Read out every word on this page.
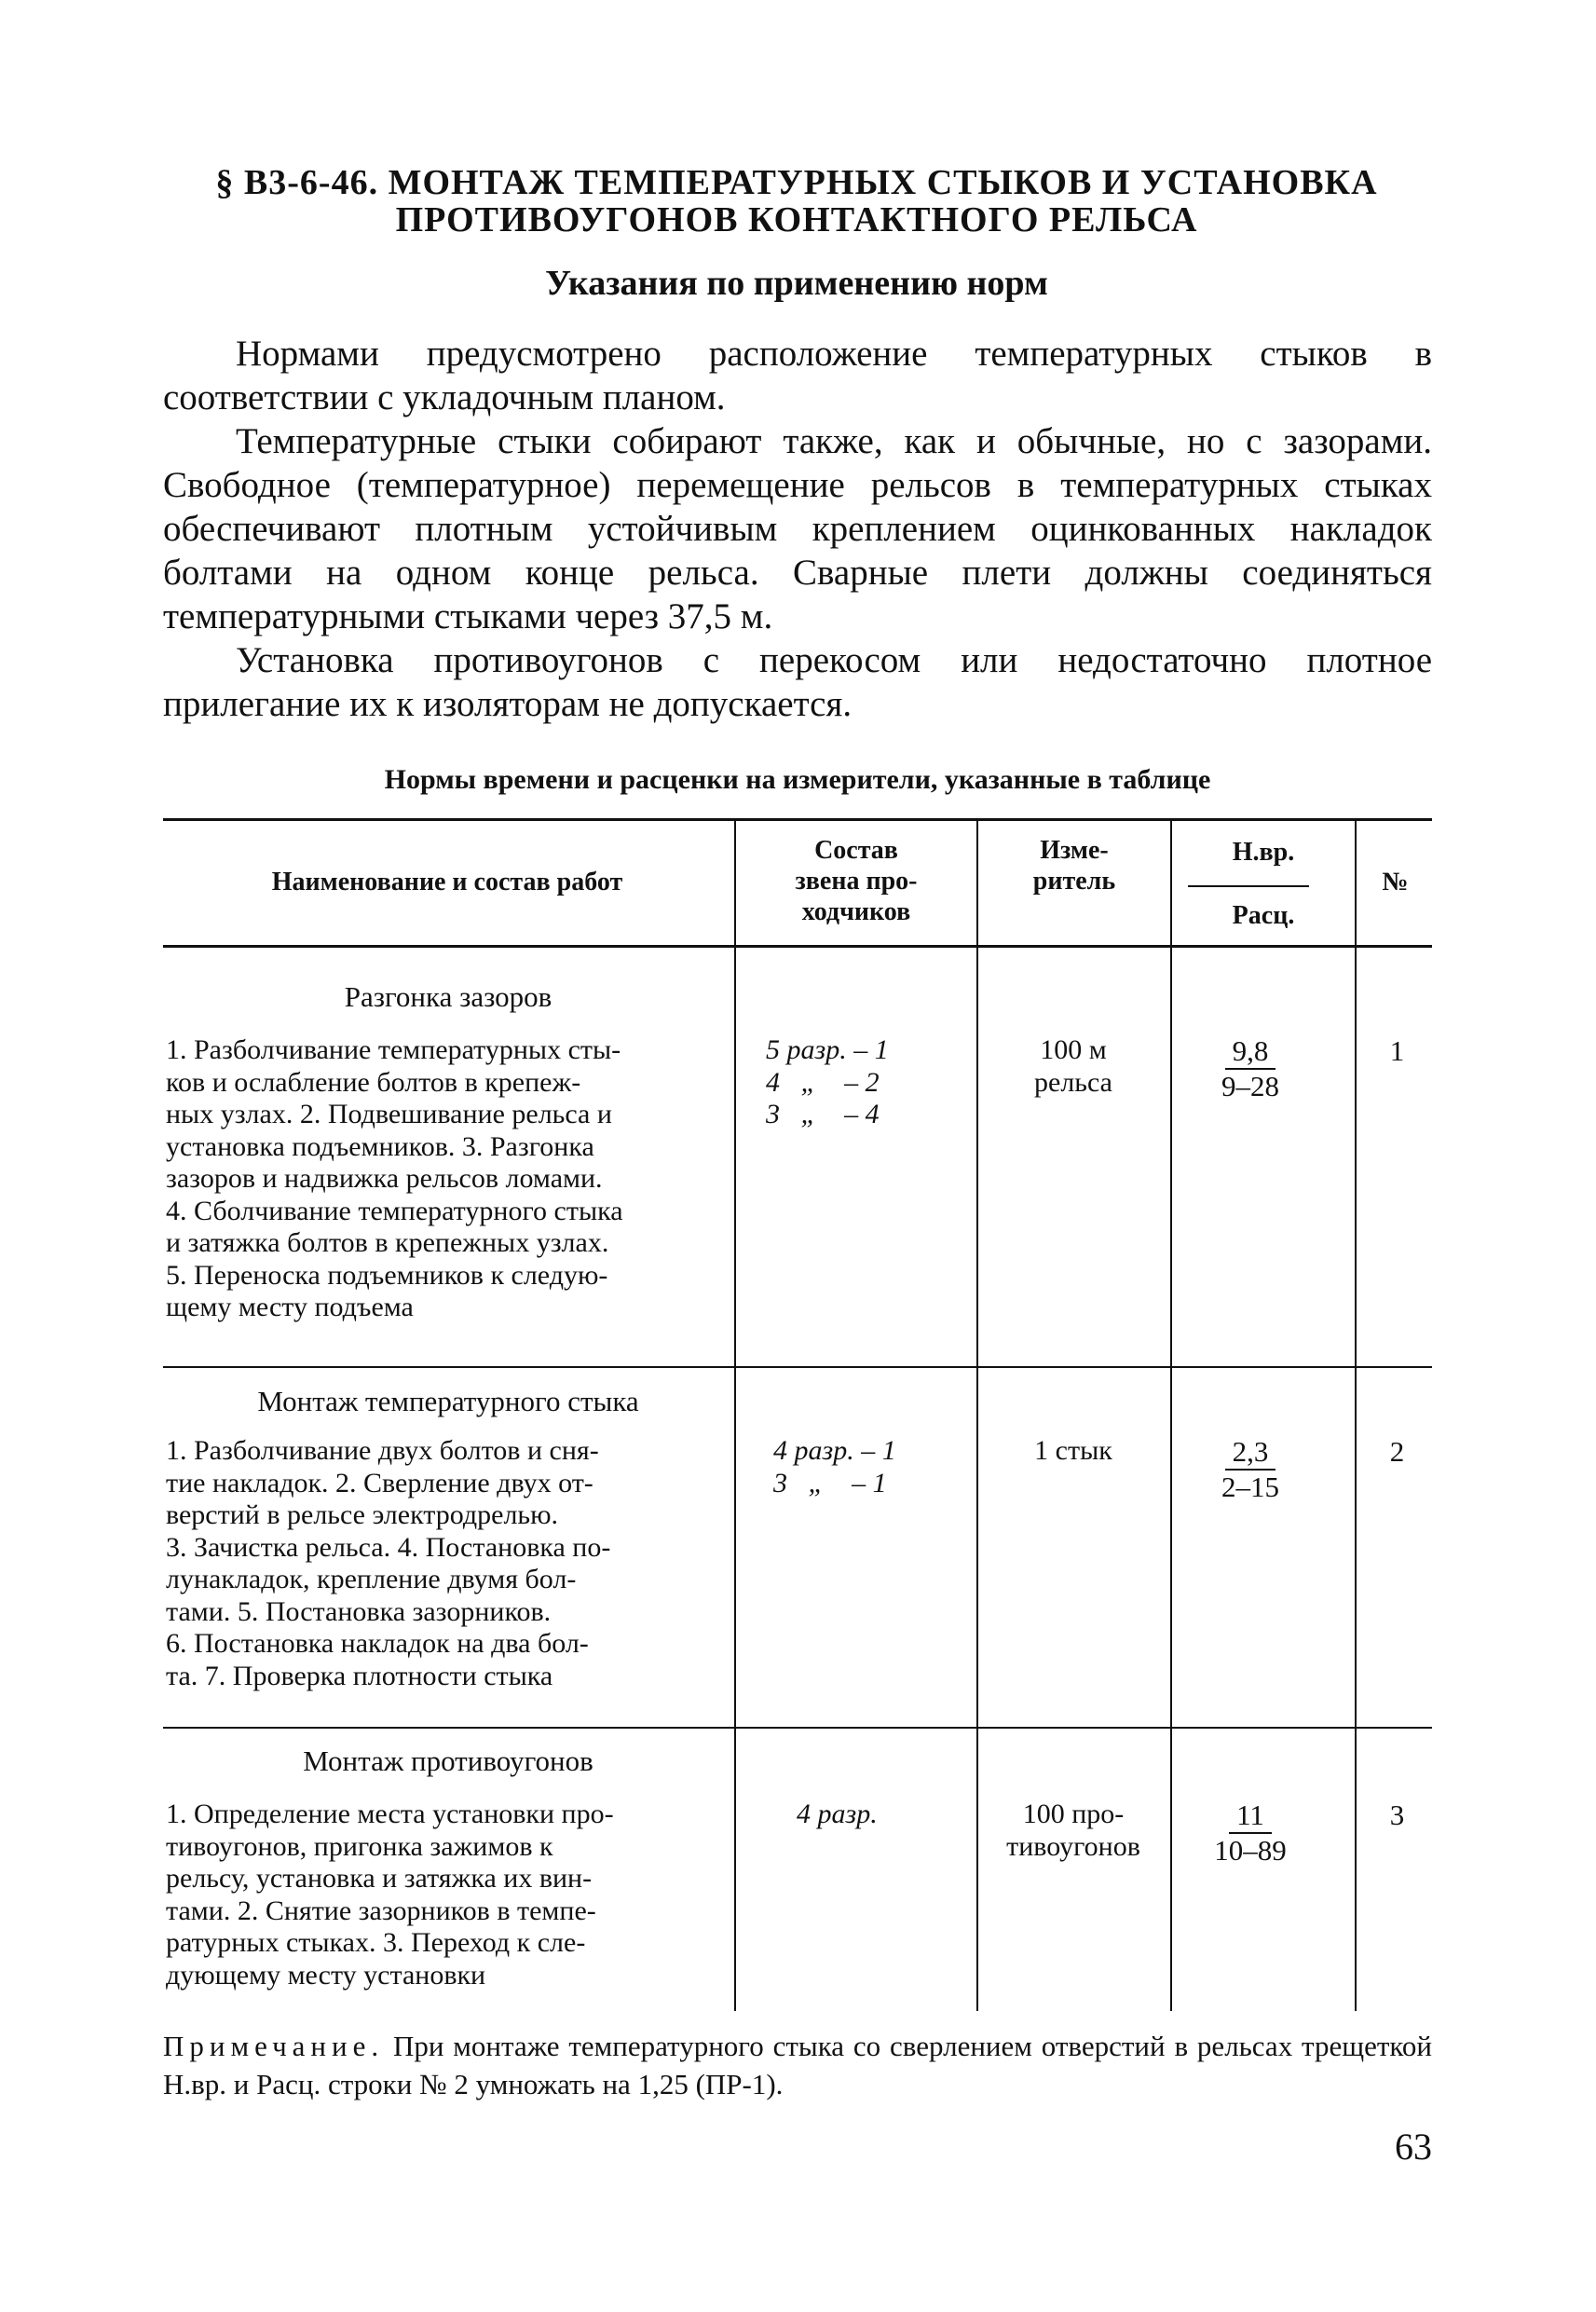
§ В3-6-46. МОНТАЖ ТЕМПЕРАТУРНЫХ СТЫКОВ И УСТАНОВКА
ПРОТИВОУГОНОВ КОНТАКТНОГО РЕЛЬСА
Указания по применению норм

Нормами предусмотрено расположение температурных стыков в соответствии с укладочным планом.

Температурные стыки собирают также, как и обычные, но с зазорами. Свободное (температурное) перемещение рельсов в температурных стыках обеспечивают плотным устойчивым креплением оцинкованных накладок болтами на одном конце рельса. Сварные плети должны соединяться температурными стыками через 37,5 м.

Установка противоугонов с перекосом или недостаточно плотное прилегание их к изоляторам не допускается.

Нормы времени и расценки на измерители, указанные в таблице
Наименование и состав работ
Состав
звена про-
ходчиков
Изме-
ритель
Н.вр.
Расц.
№
Разгонка зазоров
1. Разболчивание температурных сты-
ков и ослабление болтов в крепеж-
ных узлах. 2. Подвешивание рельса и
установка подъемников. 3. Разгонка
зазоров и надвижка рельсов ломами.
4. Сболчивание температурного стыка
и затяжка болтов в крепежных узлах.
5. Переноска подъемников к следую-
щему месту подъема
5 разр. – 1
4   „    – 2
3   „    – 4
100 м
рельса
9,8
9–28
1
Монтаж температурного стыка
1. Разболчивание двух болтов и сня-
тие накладок. 2. Сверление двух от-
верстий в рельсе электродрелью.
3. Зачистка рельса. 4. Постановка по-
лунакладок, крепление двумя бол-
тами. 5. Постановка зазорников.
6. Постановка накладок на два бол-
та. 7. Проверка плотности стыка
4 разр. – 1
3   „    – 1
1 стык	2,3
2–15
2
Монтаж противоугонов
1. Определение места установки про-
тивоугонов, пригонка зажимов к
рельсу, установка и затяжка их вин-
тами. 2. Снятие зазорников в темпе-
ратурных стыках. 3. Переход к сле-
дующему месту установки
4 разр.	100 про-
тивоугонов
11
10–89
3

Примечание. При монтаже температурного стыка со сверлением отверстий в рельсах трещеткой Н.вр. и Расц. строки № 2 умножать на 1,25 (ПР-1).

63
